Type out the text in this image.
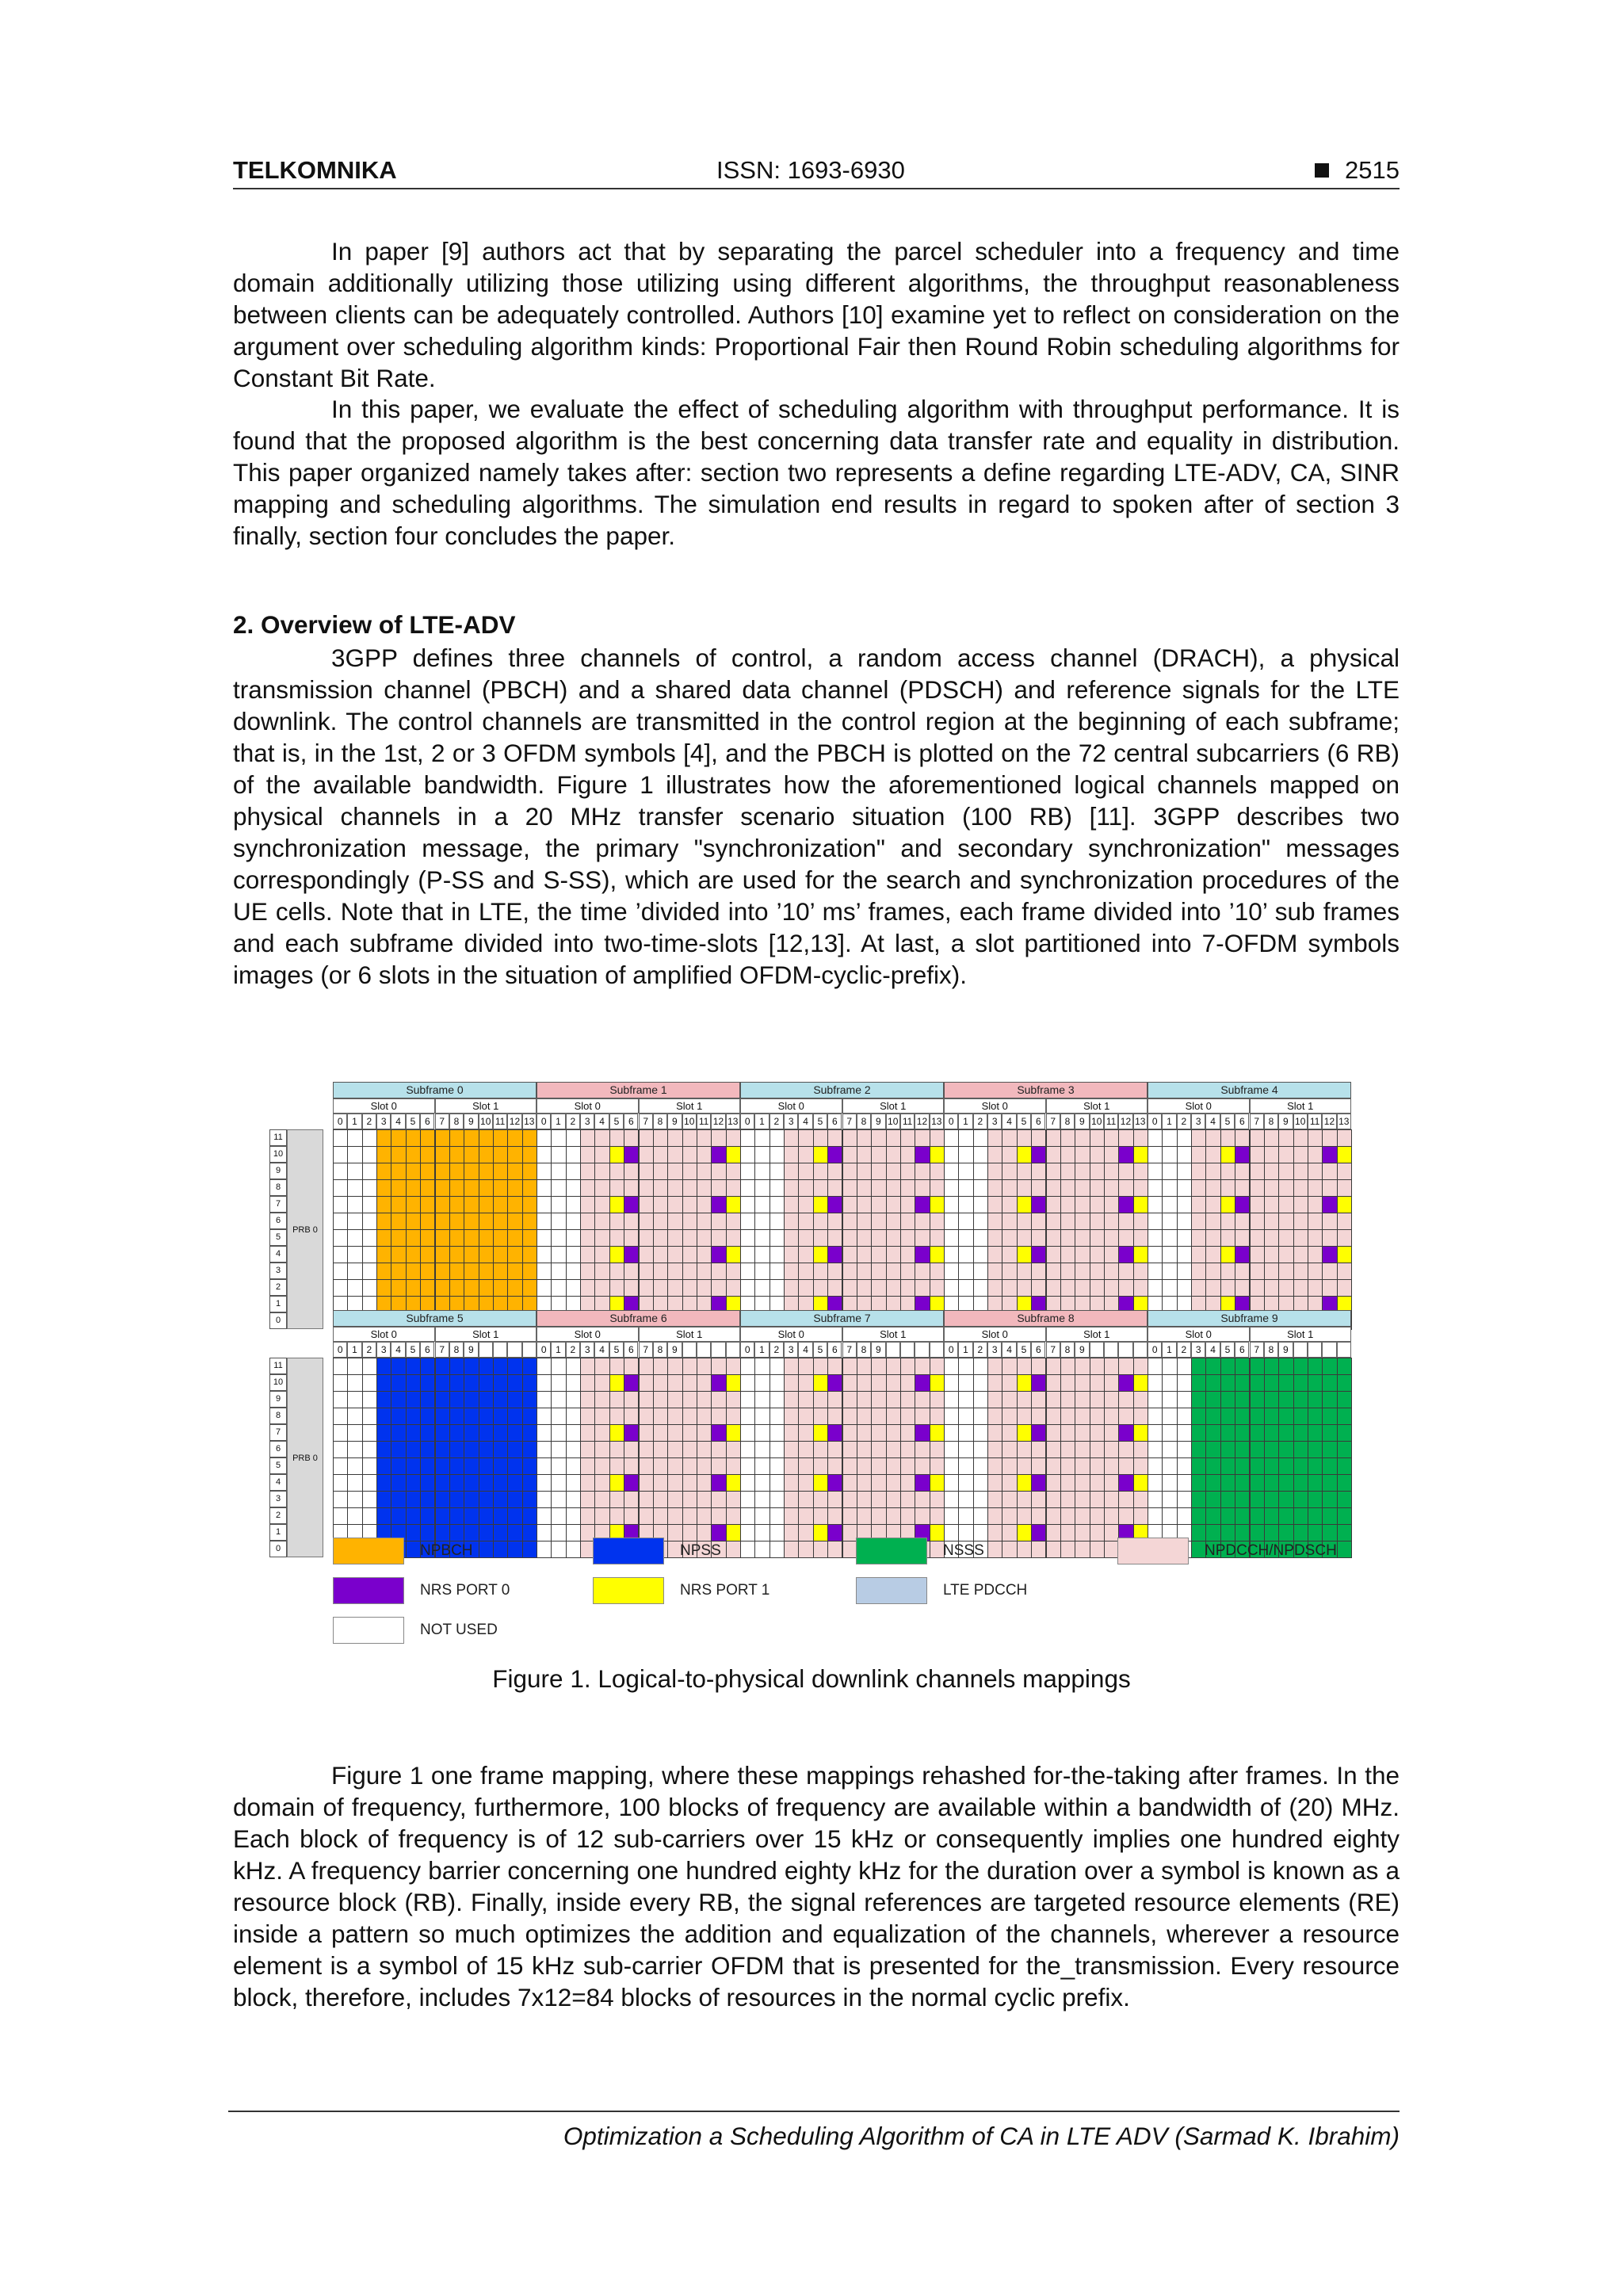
TELKOMNIKA	ISSN: 1693-6930	2515

In paper [9] authors act that by separating the parcel scheduler into a frequency and time domain additionally utilizing those utilizing using different algorithms, the throughput reasonableness between clients can be adequately controlled. Authors [10] examine yet to reflect on consideration on the argument over scheduling algorithm kinds: Proportional Fair then Round Robin scheduling algorithms for Constant Bit Rate.

In this paper, we evaluate the effect of scheduling algorithm with throughput performance. It is found that the proposed algorithm is the best concerning data transfer rate and equality in distribution. This paper organized namely takes after: section two represents a define regarding LTE-ADV, CA, SINR mapping and scheduling algorithms. The simulation end results in regard to spoken after of section 3 finally, section four concludes the paper.

2. Overview of LTE-ADV

3GPP defines three channels of control, a random access channel (DRACH), a physical transmission channel (PBCH) and a shared data channel (PDSCH) and reference signals for the LTE downlink. The control channels are transmitted in the control region at the beginning of each subframe; that is, in the 1st, 2 or 3 OFDM symbols [4], and the PBCH is plotted on the 72 central subcarriers (6 RB) of the available bandwidth. Figure 1 illustrates how the aforementioned logical channels mapped on physical channels in a 20 MHz transfer scenario situation (100 RB) [11]. 3GPP describes two synchronization message, the primary "synchronization" and secondary synchronization" messages correspondingly (P-SS and S-SS), which are used for the search and synchronization procedures of the UE cells. Note that in LTE, the time ’divided into ’10’ ms’ frames, each frame divided into ’10’ sub frames and each subframe divided into two-time-slots [12,13]. At last, a slot partitioned into 7-OFDM symbols images (or 6 slots in the situation of amplified OFDM-cyclic-prefix).

Subframe 0
Slot 0	Slot 1
0 1 2 3 4 5 6 7 8 9 10 11 12 13
Subframe 1
Slot 0	Slot 1
0 1 2 3 4 5 6 7 8 9 10 11 12 13
Subframe 2
Slot 0	Slot 1
0 1 2 3 4 5 6 7 8 9 10 11 12 13
Subframe 3
Slot 0	Slot 1
0 1 2 3 4 5 6 7 8 9 10 11 12 13
Subframe 4
Slot 0	Slot 1
0 1 2 3 4 5 6 7 8 9 10 11 12 13
11
10
9
8
7
6
5
4
3
2
1
0
PRB 0
Subframe 5
Slot 0	Slot 1
0 1 2 3 4 5 6 7 8 9
Subframe 6
Slot 0	Slot 1
0 1 2 3 4 5 6 7 8 9
Subframe 7
Slot 0	Slot 1
0 1 2 3 4 5 6 7 8 9
Subframe 8
Slot 0	Slot 1
0 1 2 3 4 5 6 7 8 9
Subframe 9
Slot 0	Slot 1
0 1 2 3 4 5 6 7 8 9
11
10
9
8
7
6
5
4
3
2
1
0
PRB 0
NPBCH	NPSS	NSSS	NPDCCH/NPDSCH
NRS PORT 0	NRS PORT 1	LTE PDCCH
NOT USED
Figure 1. Logical-to-physical downlink channels mappings

Figure 1 one frame mapping, where these mappings rehashed for-the-taking after frames. In the domain of frequency, furthermore, 100 blocks of frequency are available within a bandwidth of (20) MHz. Each block of frequency is of 12 sub-carriers over 15 kHz or consequently implies one hundred eighty kHz. A frequency barrier concerning one hundred eighty kHz for the duration over a symbol is known as a resource block (RB). Finally, inside every RB, the signal references are targeted resource elements (RE) inside a pattern so much optimizes the addition and equalization of the channels, wherever a resource element is a symbol of 15 kHz sub-carrier OFDM that is presented for the_transmission. Every resource block, therefore, includes 7x12=84 blocks of resources in the normal cyclic prefix.

Optimization a Scheduling Algorithm of CA in LTE ADV (Sarmad K. Ibrahim)
